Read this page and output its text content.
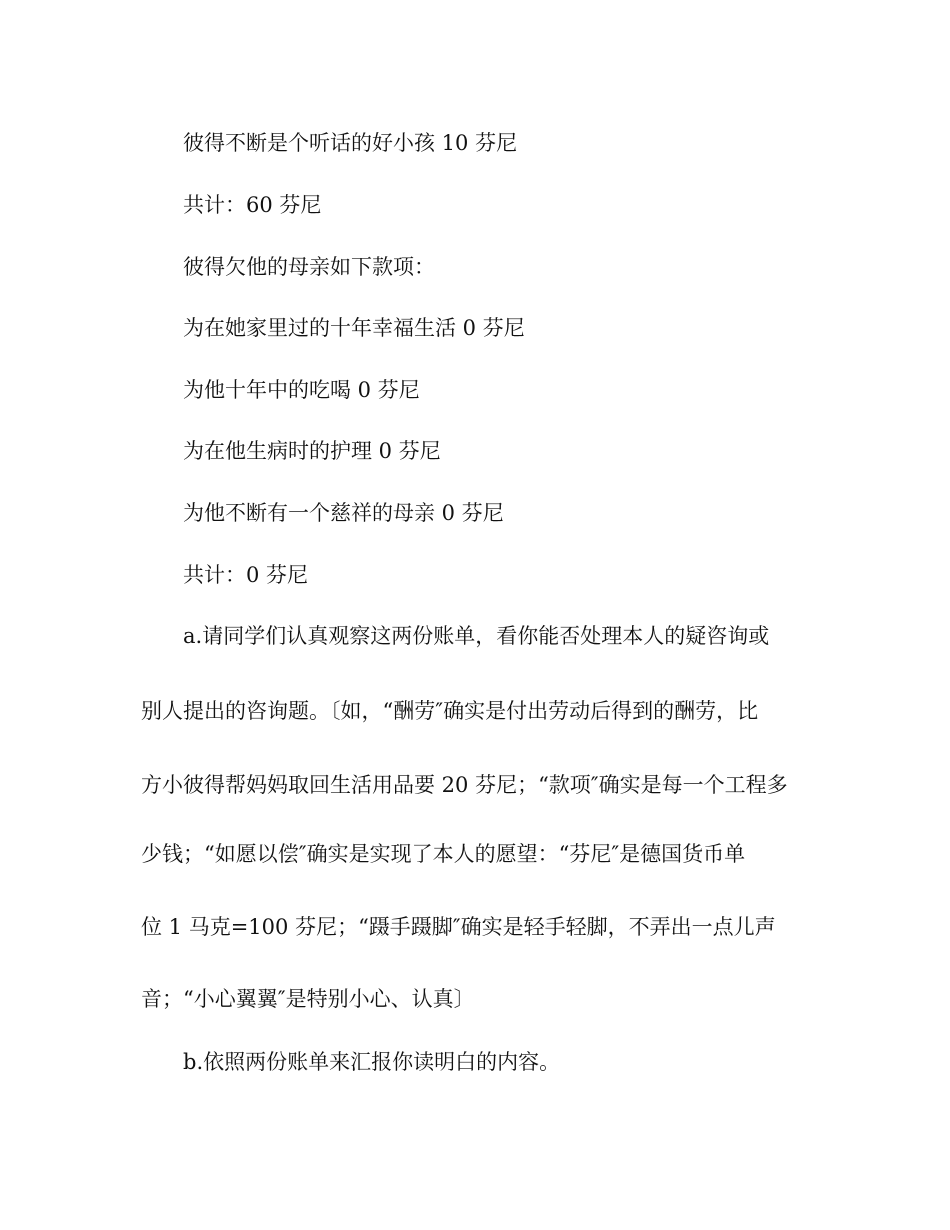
彼得不断是个听话的好小孩 10 芬尼
共计：60 芬尼
彼得欠他的母亲如下款项：
为在她家里过的十年幸福生活 0 芬尼
为他十年中的吃喝 0 芬尼
为在他生病时的护理 0 芬尼
为他不断有一个慈祥的母亲 0 芬尼
共计：0 芬尼
a.请同学们认真观察这两份账单，看你能否处理本人的疑咨询或
别人提出的咨询题。〔如，“酬劳″确实是付出劳动后得到的酬劳，比
方小彼得帮妈妈取回生活用品要 20 芬尼；“款项″确实是每一个工程多
少钱；“如愿以偿″确实是实现了本人的愿望：“芬尼″是德国货币单
位 1 马克=100 芬尼；“蹑手蹑脚″确实是轻手轻脚，不弄出一点儿声
音；“小心翼翼″是特别小心、认真〕
b.依照两份账单来汇报你读明白的内容。
